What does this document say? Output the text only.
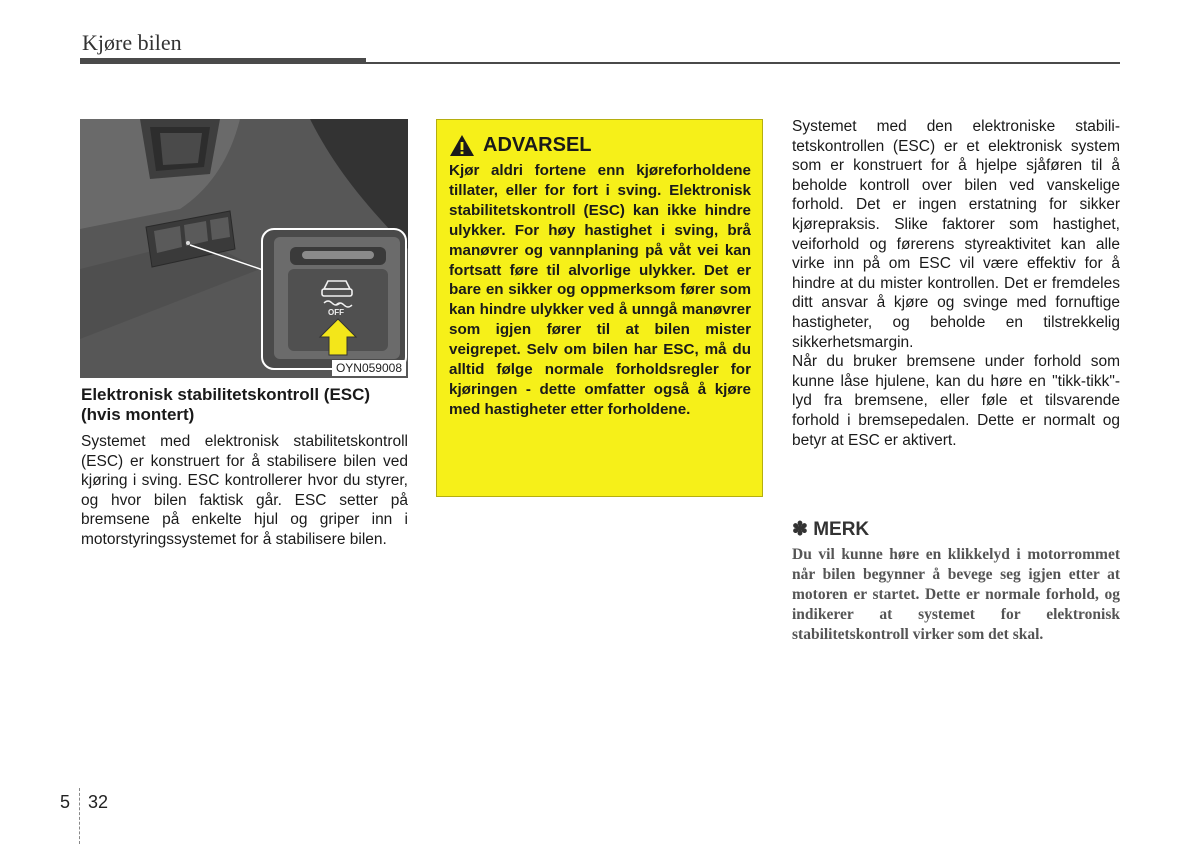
Kjøre bilen
OFF
OYN059008
Elektronisk stabilitetskontroll (ESC) (hvis montert)
Systemet med elektronisk stabilitetskontroll (ESC) er konstruert for å stabilisere bilen ved kjøring i sving. ESC kontrollerer hvor du styrer, og hvor bilen faktisk går. ESC setter på bremsene på enkelte hjul og griper inn i motorstyringssystemet for å stabilisere bilen.
ADVARSEL
Kjør aldri fortene enn kjøreforholdene tillater, eller for fort i sving. Elektronisk stabilitetskontroll (ESC) kan ikke hindre ulykker. For høy hastighet i sving, brå manøvrer og vannplaning på våt vei kan fortsatt føre til alvorlige ulykker. Det er bare en sikker og oppmerksom fører som kan hindre ulykker ved å unngå manøvrer som igjen fører til at bilen mister veigrepet. Selv om bilen har ESC, må du alltid følge normale forholdsregler for kjøringen - dette omfatter også å kjøre med hastigheter etter forholdene.

Systemet med den elektroniske stabilitetskontrollen (ESC) er et elektronisk system som er konstruert for å hjelpe sjåføren til å beholde kontroll over bilen ved vanskelige forhold. Det er ingen erstatning for sikker kjørepraksis. Slike faktorer som hastighet, veiforhold og førerens styreaktivitet kan alle virke inn på om ESC vil være effektiv for å hindre at du mister kontrollen. Det er fremdeles ditt ansvar å kjøre og svinge med fornuftige hastigheter, og beholde en tilstrekkelig sikkerhetsmargin.

Når du bruker bremsene under forhold som kunne låse hjulene, kan du høre en "tikk-tikk"-lyd fra bremsene, eller føle et tilsvarende forhold i bremsepedalen. Dette er normalt og betyr at ESC er aktivert.

✽ MERK
Du vil kunne høre en klikkelyd i motorrommet når bilen begynner å bevege seg igjen etter at motoren er startet. Dette er normale forhold, og indikerer at systemet for elektronisk stabilitetskontroll virker som det skal.
5 32
